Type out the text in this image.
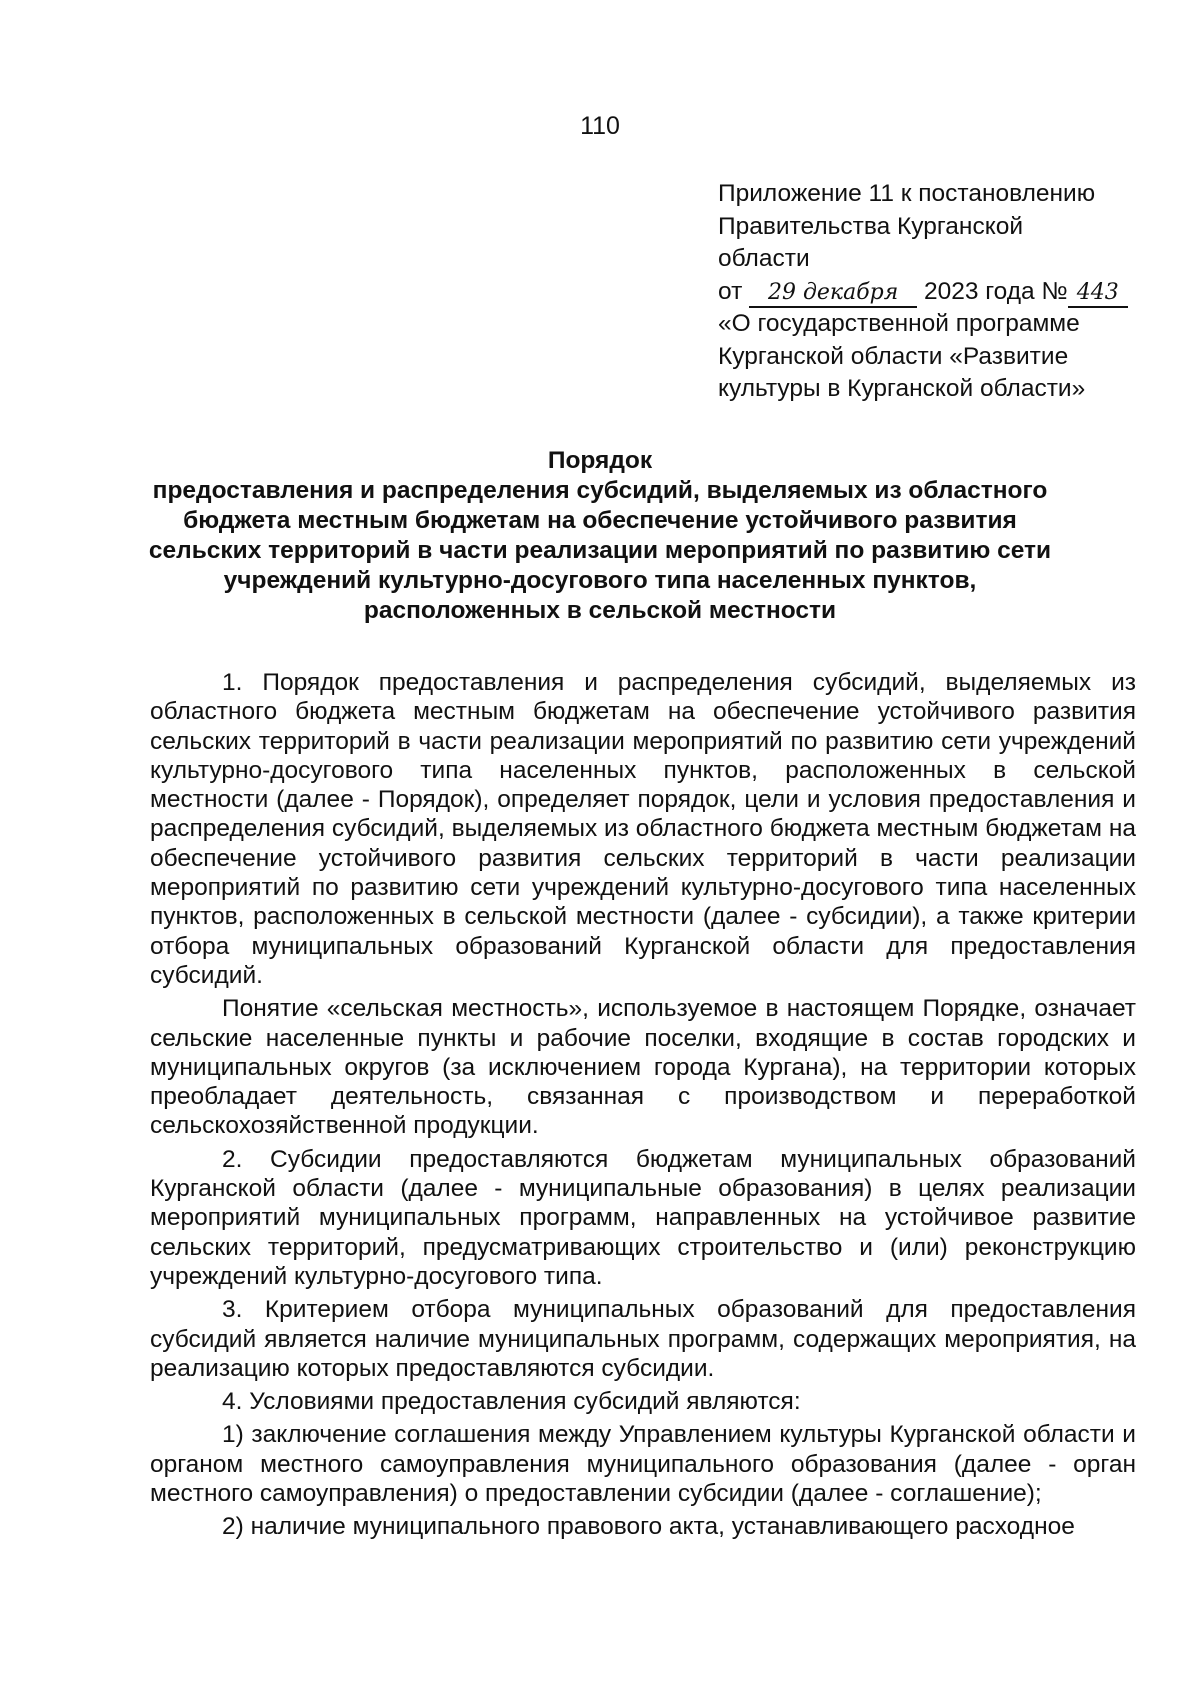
110
Приложение 11 к постановлению
Правительства Курганской
области
от 29 декабря 2023 года № 443
«О государственной программе
Курганской области «Развитие
культуры в Курганской области»
Порядок
предоставления и распределения субсидий, выделяемых из областного
бюджета местным бюджетам на обеспечение устойчивого развития
сельских территорий в части реализации мероприятий по развитию сети
учреждений культурно-досугового типа населенных пунктов,
расположенных в сельской местности

1. Порядок предоставления и распределения субсидий, выделяемых из областного бюджета местным бюджетам на обеспечение устойчивого развития сельских территорий в части реализации мероприятий по развитию сети учреждений культурно-досугового типа населенных пунктов, расположенных в сельской местности (далее - Порядок), определяет порядок, цели и условия предоставления и распределения субсидий, выделяемых из областного бюджета местным бюджетам на обеспечение устойчивого развития сельских территорий в части реализации мероприятий по развитию сети учреждений культурно-досугового типа населенных пунктов, расположенных в сельской местности (далее - субсидии), а также критерии отбора муниципальных образований Курганской области для предоставления субсидий.

Понятие «сельская местность», используемое в настоящем Порядке, означает сельские населенные пункты и рабочие поселки, входящие в состав городских и муниципальных округов (за исключением города Кургана), на территории которых преобладает деятельность, связанная с производством и переработкой сельскохозяйственной продукции.

2. Субсидии предоставляются бюджетам муниципальных образований Курганской области (далее - муниципальные образования) в целях реализации мероприятий муниципальных программ, направленных на устойчивое развитие сельских территорий, предусматривающих строительство и (или) реконструкцию учреждений культурно-досугового типа.

3. Критерием отбора муниципальных образований для предоставления субсидий является наличие муниципальных программ, содержащих мероприятия, на реализацию которых предоставляются субсидии.

4. Условиями предоставления субсидий являются:

1) заключение соглашения между Управлением культуры Курганской области и органом местного самоуправления муниципального образования (далее - орган местного самоуправления) о предоставлении субсидии (далее - соглашение);

2) наличие муниципального правового акта, устанавливающего расходное
